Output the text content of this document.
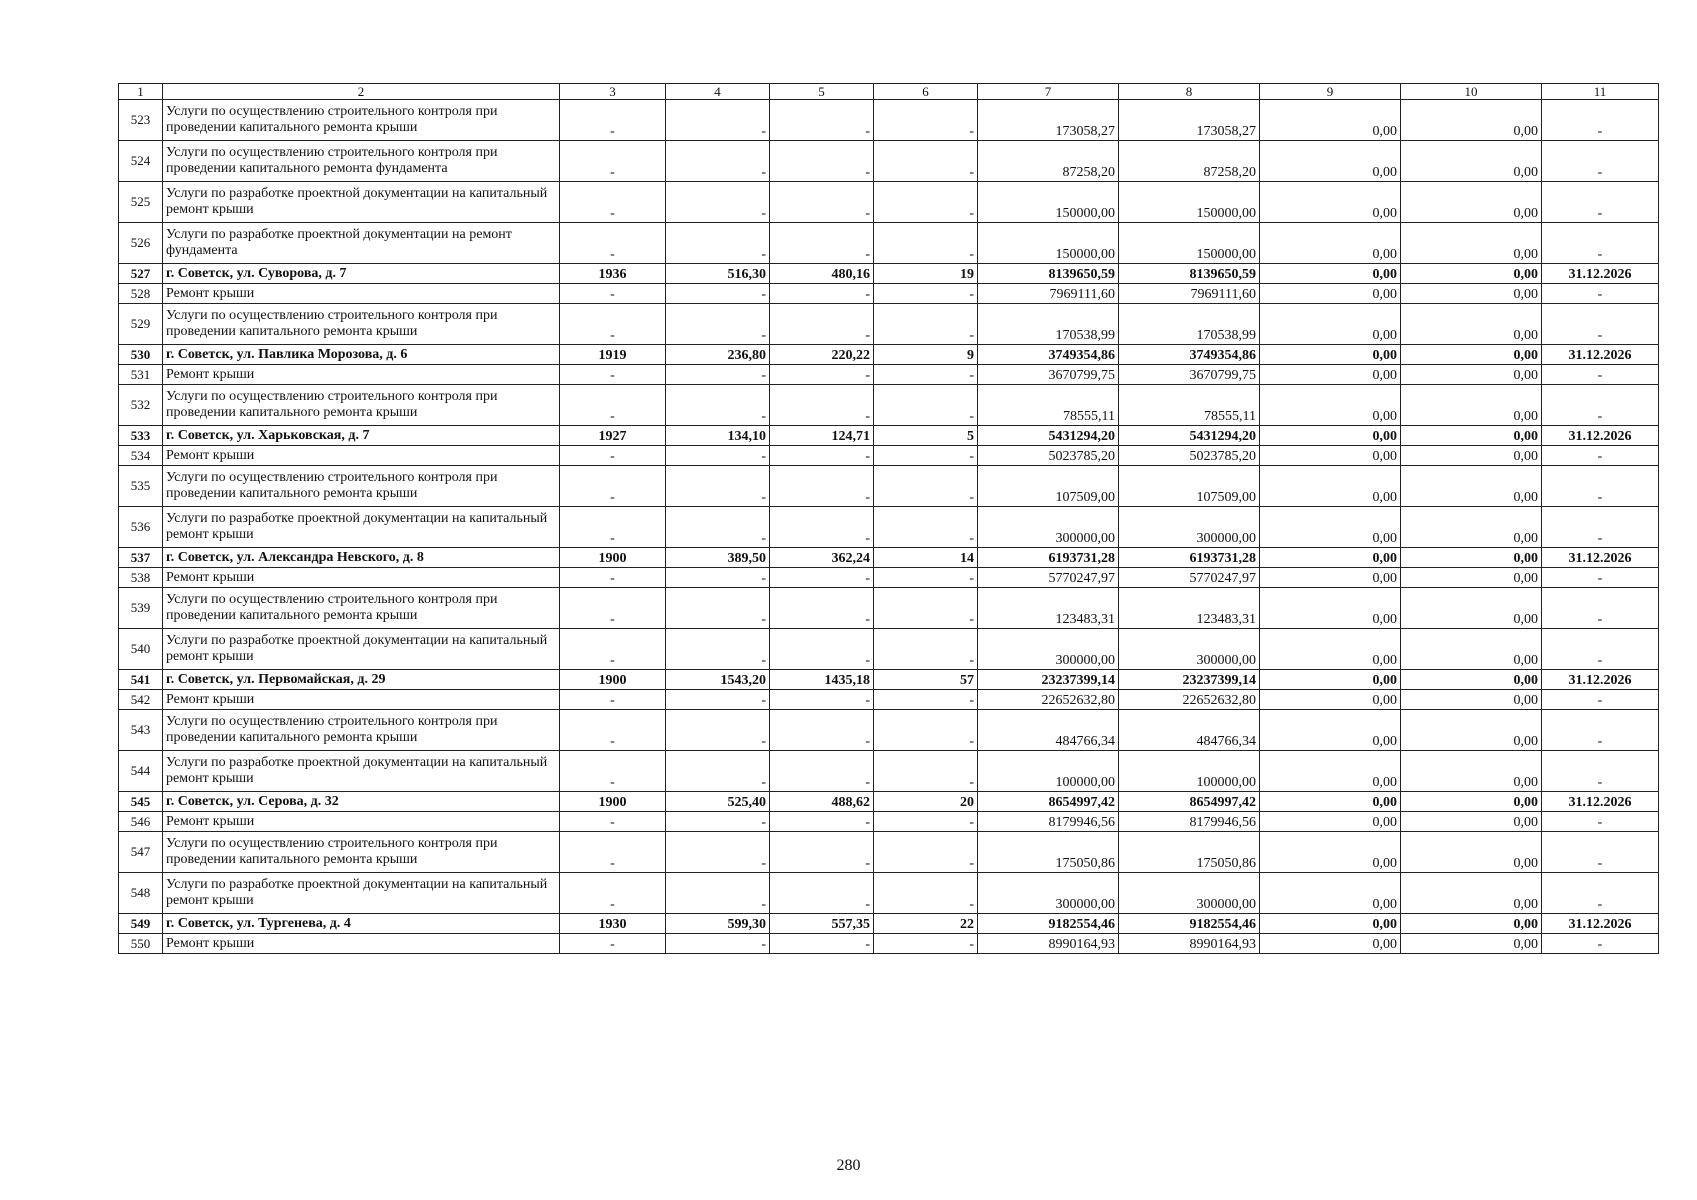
1	2	3	4	5	6	7	8	9	10	11
523	Услуги по осуществлению строительного контроля при проведении капитального ремонта крыши	-	-	-	-	173058,27	173058,27	0,00	0,00	-
524	Услуги по осуществлению строительного контроля при проведении капитального ремонта фундамента	-	-	-	-	87258,20	87258,20	0,00	0,00	-
525	Услуги по разработке проектной документации на капитальный ремонт крыши	-	-	-	-	150000,00	150000,00	0,00	0,00	-
526	Услуги по разработке проектной документации на ремонт фундамента	-	-	-	-	150000,00	150000,00	0,00	0,00	-
527	г. Советск, ул. Суворова, д. 7	1936	516,30	480,16	19	8139650,59	8139650,59	0,00	0,00	31.12.2026
528	Ремонт крыши	-	-	-	-	7969111,60	7969111,60	0,00	0,00	-
529	Услуги по осуществлению строительного контроля при проведении капитального ремонта крыши	-	-	-	-	170538,99	170538,99	0,00	0,00	-
530	г. Советск, ул. Павлика Морозова, д. 6	1919	236,80	220,22	9	3749354,86	3749354,86	0,00	0,00	31.12.2026
531	Ремонт крыши	-	-	-	-	3670799,75	3670799,75	0,00	0,00	-
532	Услуги по осуществлению строительного контроля при проведении капитального ремонта крыши	-	-	-	-	78555,11	78555,11	0,00	0,00	-
533	г. Советск, ул. Харьковская, д. 7	1927	134,10	124,71	5	5431294,20	5431294,20	0,00	0,00	31.12.2026
534	Ремонт крыши	-	-	-	-	5023785,20	5023785,20	0,00	0,00	-
535	Услуги по осуществлению строительного контроля при проведении капитального ремонта крыши	-	-	-	-	107509,00	107509,00	0,00	0,00	-
536	Услуги по разработке проектной документации на капитальный ремонт крыши	-	-	-	-	300000,00	300000,00	0,00	0,00	-
537	г. Советск, ул. Александра Невского, д. 8	1900	389,50	362,24	14	6193731,28	6193731,28	0,00	0,00	31.12.2026
538	Ремонт крыши	-	-	-	-	5770247,97	5770247,97	0,00	0,00	-
539	Услуги по осуществлению строительного контроля при проведении капитального ремонта крыши	-	-	-	-	123483,31	123483,31	0,00	0,00	-
540	Услуги по разработке проектной документации на капитальный ремонт крыши	-	-	-	-	300000,00	300000,00	0,00	0,00	-
541	г. Советск, ул. Первомайская, д. 29	1900	1543,20	1435,18	57	23237399,14	23237399,14	0,00	0,00	31.12.2026
542	Ремонт крыши	-	-	-	-	22652632,80	22652632,80	0,00	0,00	-
543	Услуги по осуществлению строительного контроля при проведении капитального ремонта крыши	-	-	-	-	484766,34	484766,34	0,00	0,00	-
544	Услуги по разработке проектной документации на капитальный ремонт крыши	-	-	-	-	100000,00	100000,00	0,00	0,00	-
545	г. Советск, ул. Серова, д. 32	1900	525,40	488,62	20	8654997,42	8654997,42	0,00	0,00	31.12.2026
546	Ремонт крыши	-	-	-	-	8179946,56	8179946,56	0,00	0,00	-
547	Услуги по осуществлению строительного контроля при проведении капитального ремонта крыши	-	-	-	-	175050,86	175050,86	0,00	0,00	-
548	Услуги по разработке проектной документации на капитальный ремонт крыши	-	-	-	-	300000,00	300000,00	0,00	0,00	-
549	г. Советск, ул. Тургенева, д. 4	1930	599,30	557,35	22	9182554,46	9182554,46	0,00	0,00	31.12.2026
550	Ремонт крыши	-	-	-	-	8990164,93	8990164,93	0,00	0,00	-
280
